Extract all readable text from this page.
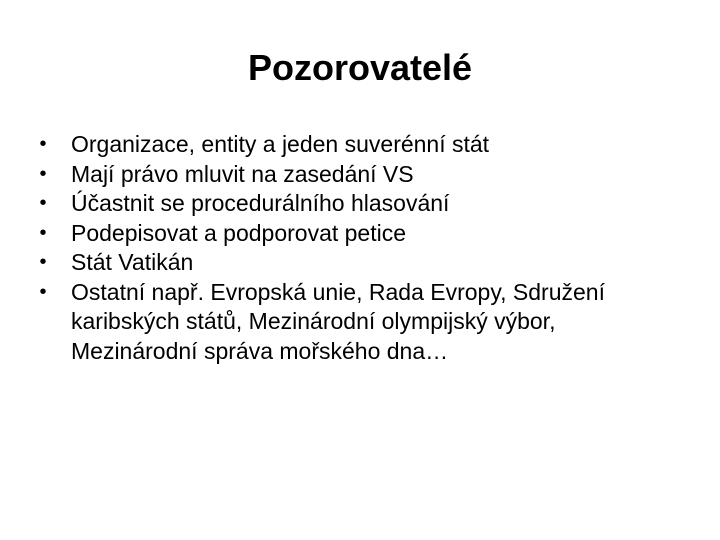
Pozorovatelé
• Organizace, entity a jeden suverénní stát
• Mají právo mluvit na zasedání VS
• Účastnit se procedurálního hlasování
• Podepisovat a podporovat petice
• Stát Vatikán
• Ostatní např. Evropská unie, Rada Evropy, Sdružení karibských států, Mezinárodní olympijský výbor, Mezinárodní správa mořského dna…
